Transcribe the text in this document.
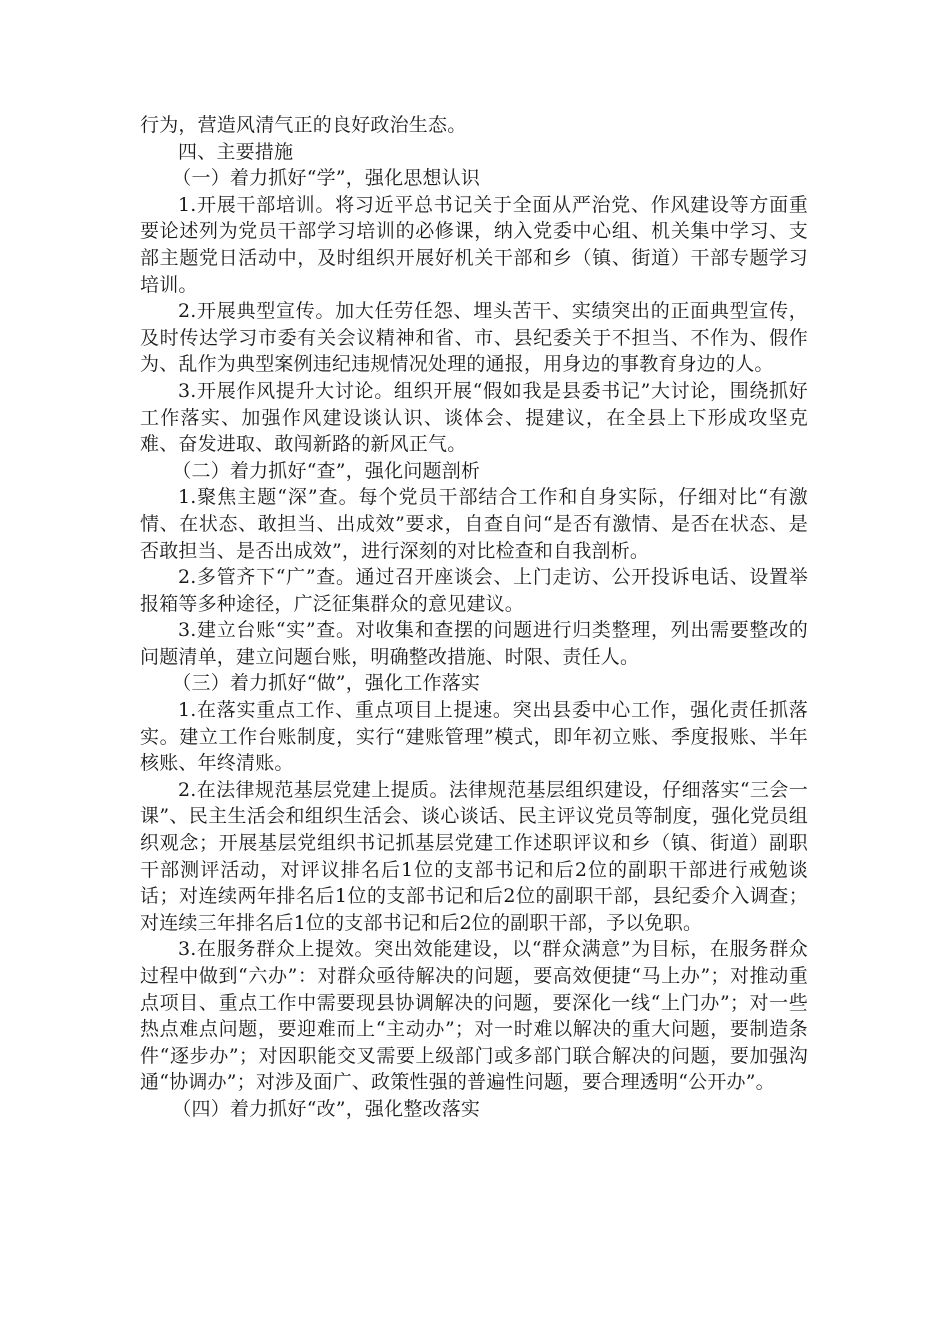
行为，营造风清气正的良好政治生态。

四、主要措施

（一）着力抓好“学”，强化思想认识

1.开展干部培训。将习近平总书记关于全面从严治党、作风建设等方面重要论述列为党员干部学习培训的必修课，纳入党委中心组、机关集中学习、支部主题党日活动中，及时组织开展好机关干部和乡（镇、街道）干部专题学习培训。

2.开展典型宣传。加大任劳任怨、埋头苦干、实绩突出的正面典型宣传，及时传达学习市委有关会议精神和省、市、县纪委关于不担当、不作为、假作为、乱作为典型案例违纪违规情况处理的通报，用身边的事教育身边的人。

3.开展作风提升大讨论。组织开展“假如我是县委书记”大讨论，围绕抓好工作落实、加强作风建设谈认识、谈体会、提建议，在全县上下形成攻坚克难、奋发进取、敢闯新路的新风正气。

（二）着力抓好“查”，强化问题剖析

1.聚焦主题“深”查。每个党员干部结合工作和自身实际，仔细对比“有激情、在状态、敢担当、出成效”要求，自查自问“是否有激情、是否在状态、是否敢担当、是否出成效”，进行深刻的对比检查和自我剖析。

2.多管齐下“广”查。通过召开座谈会、上门走访、公开投诉电话、设置举报箱等多种途径，广泛征集群众的意见建议。

3.建立台账“实”查。对收集和查摆的问题进行归类整理，列出需要整改的问题清单，建立问题台账，明确整改措施、时限、责任人。

（三）着力抓好“做”，强化工作落实

1.在落实重点工作、重点项目上提速。突出县委中心工作，强化责任抓落实。建立工作台账制度，实行“建账管理”模式，即年初立账、季度报账、半年核账、年终清账。

2.在法律规范基层党建上提质。法律规范基层组织建设，仔细落实“三会一课”、民主生活会和组织生活会、谈心谈话、民主评议党员等制度，强化党员组织观念；开展基层党组织书记抓基层党建工作述职评议和乡（镇、街道）副职干部测评活动，对评议排名后1位的支部书记和后2位的副职干部进行戒勉谈话；对连续两年排名后1位的支部书记和后2位的副职干部，县纪委介入调查；对连续三年排名后1位的支部书记和后2位的副职干部，予以免职。

3.在服务群众上提效。突出效能建设，以“群众满意”为目标，在服务群众过程中做到“六办”：对群众亟待解决的问题，要高效便捷“马上办”；对推动重点项目、重点工作中需要现县协调解决的问题，要深化一线“上门办”；对一些热点难点问题，要迎难而上“主动办”；对一时难以解决的重大问题，要制造条件“逐步办”；对因职能交叉需要上级部门或多部门联合解决的问题，要加强沟通“协调办”；对涉及面广、政策性强的普遍性问题，要合理透明“公开办”。

（四）着力抓好“改”，强化整改落实
